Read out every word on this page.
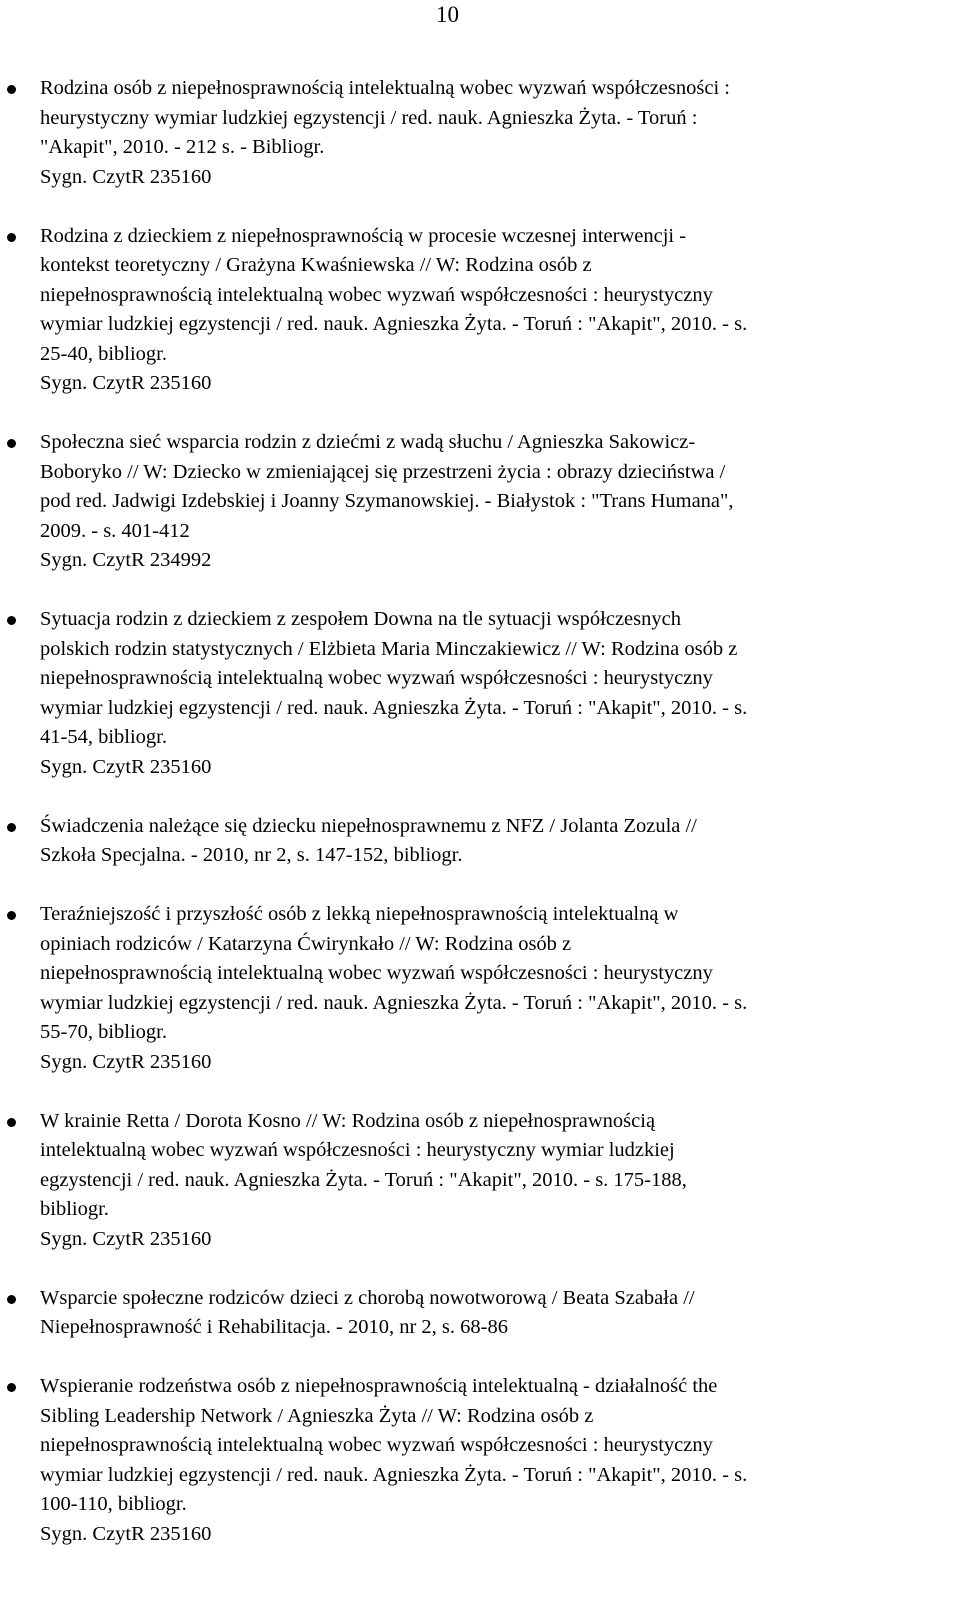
10
Rodzina osób z niepełnosprawnością intelektualną wobec wyzwań współczesności :
heurystyczny wymiar ludzkiej egzystencji / red. nauk. Agnieszka Żyta. - Toruń :
"Akapit", 2010. - 212 s. - Bibliogr.
Sygn. CzytR 235160
Rodzina z dzieckiem z niepełnosprawnością w procesie wczesnej interwencji -
kontekst teoretyczny / Grażyna Kwaśniewska // W: Rodzina osób z
niepełnosprawnością intelektualną wobec wyzwań współczesności : heurystyczny
wymiar ludzkiej egzystencji / red. nauk. Agnieszka Żyta. - Toruń : "Akapit", 2010. - s.
25-40, bibliogr.
Sygn. CzytR 235160
Społeczna sieć wsparcia rodzin z dziećmi z wadą słuchu / Agnieszka Sakowicz-
Boboryko // W: Dziecko w zmieniającej się przestrzeni życia : obrazy dzieciństwa /
pod red. Jadwigi Izdebskiej i Joanny Szymanowskiej. - Białystok : "Trans Humana",
2009. - s. 401-412
Sygn. CzytR 234992
Sytuacja rodzin z dzieckiem z zespołem Downa na tle sytuacji współczesnych
polskich rodzin statystycznych / Elżbieta Maria Minczakiewicz // W: Rodzina osób z
niepełnosprawnością intelektualną wobec wyzwań współczesności : heurystyczny
wymiar ludzkiej egzystencji / red. nauk. Agnieszka Żyta. - Toruń : "Akapit", 2010. - s.
41-54, bibliogr.
Sygn. CzytR 235160
Świadczenia należące się dziecku niepełnosprawnemu z NFZ / Jolanta Zozula //
Szkoła Specjalna. - 2010, nr 2, s. 147-152, bibliogr.
Teraźniejszość i przyszłość osób z lekką niepełnosprawnością intelektualną w
opiniach rodziców / Katarzyna Ćwirynkało // W: Rodzina osób z
niepełnosprawnością intelektualną wobec wyzwań współczesności : heurystyczny
wymiar ludzkiej egzystencji / red. nauk. Agnieszka Żyta. - Toruń : "Akapit", 2010. - s.
55-70, bibliogr.
Sygn. CzytR 235160
W krainie Retta / Dorota Kosno // W: Rodzina osób z niepełnosprawnością
intelektualną wobec wyzwań współczesności : heurystyczny wymiar ludzkiej
egzystencji / red. nauk. Agnieszka Żyta. - Toruń : "Akapit", 2010. - s. 175-188,
bibliogr.
Sygn. CzytR 235160
Wsparcie społeczne rodziców dzieci z chorobą nowotworową / Beata Szabała //
Niepełnosprawność i Rehabilitacja. - 2010, nr 2, s. 68-86
Wspieranie rodzeństwa osób z niepełnosprawnością intelektualną - działalność the
Sibling Leadership Network / Agnieszka Żyta // W: Rodzina osób z
niepełnosprawnością intelektualną wobec wyzwań współczesności : heurystyczny
wymiar ludzkiej egzystencji / red. nauk. Agnieszka Żyta. - Toruń : "Akapit", 2010. - s.
100-110, bibliogr.
Sygn. CzytR 235160
